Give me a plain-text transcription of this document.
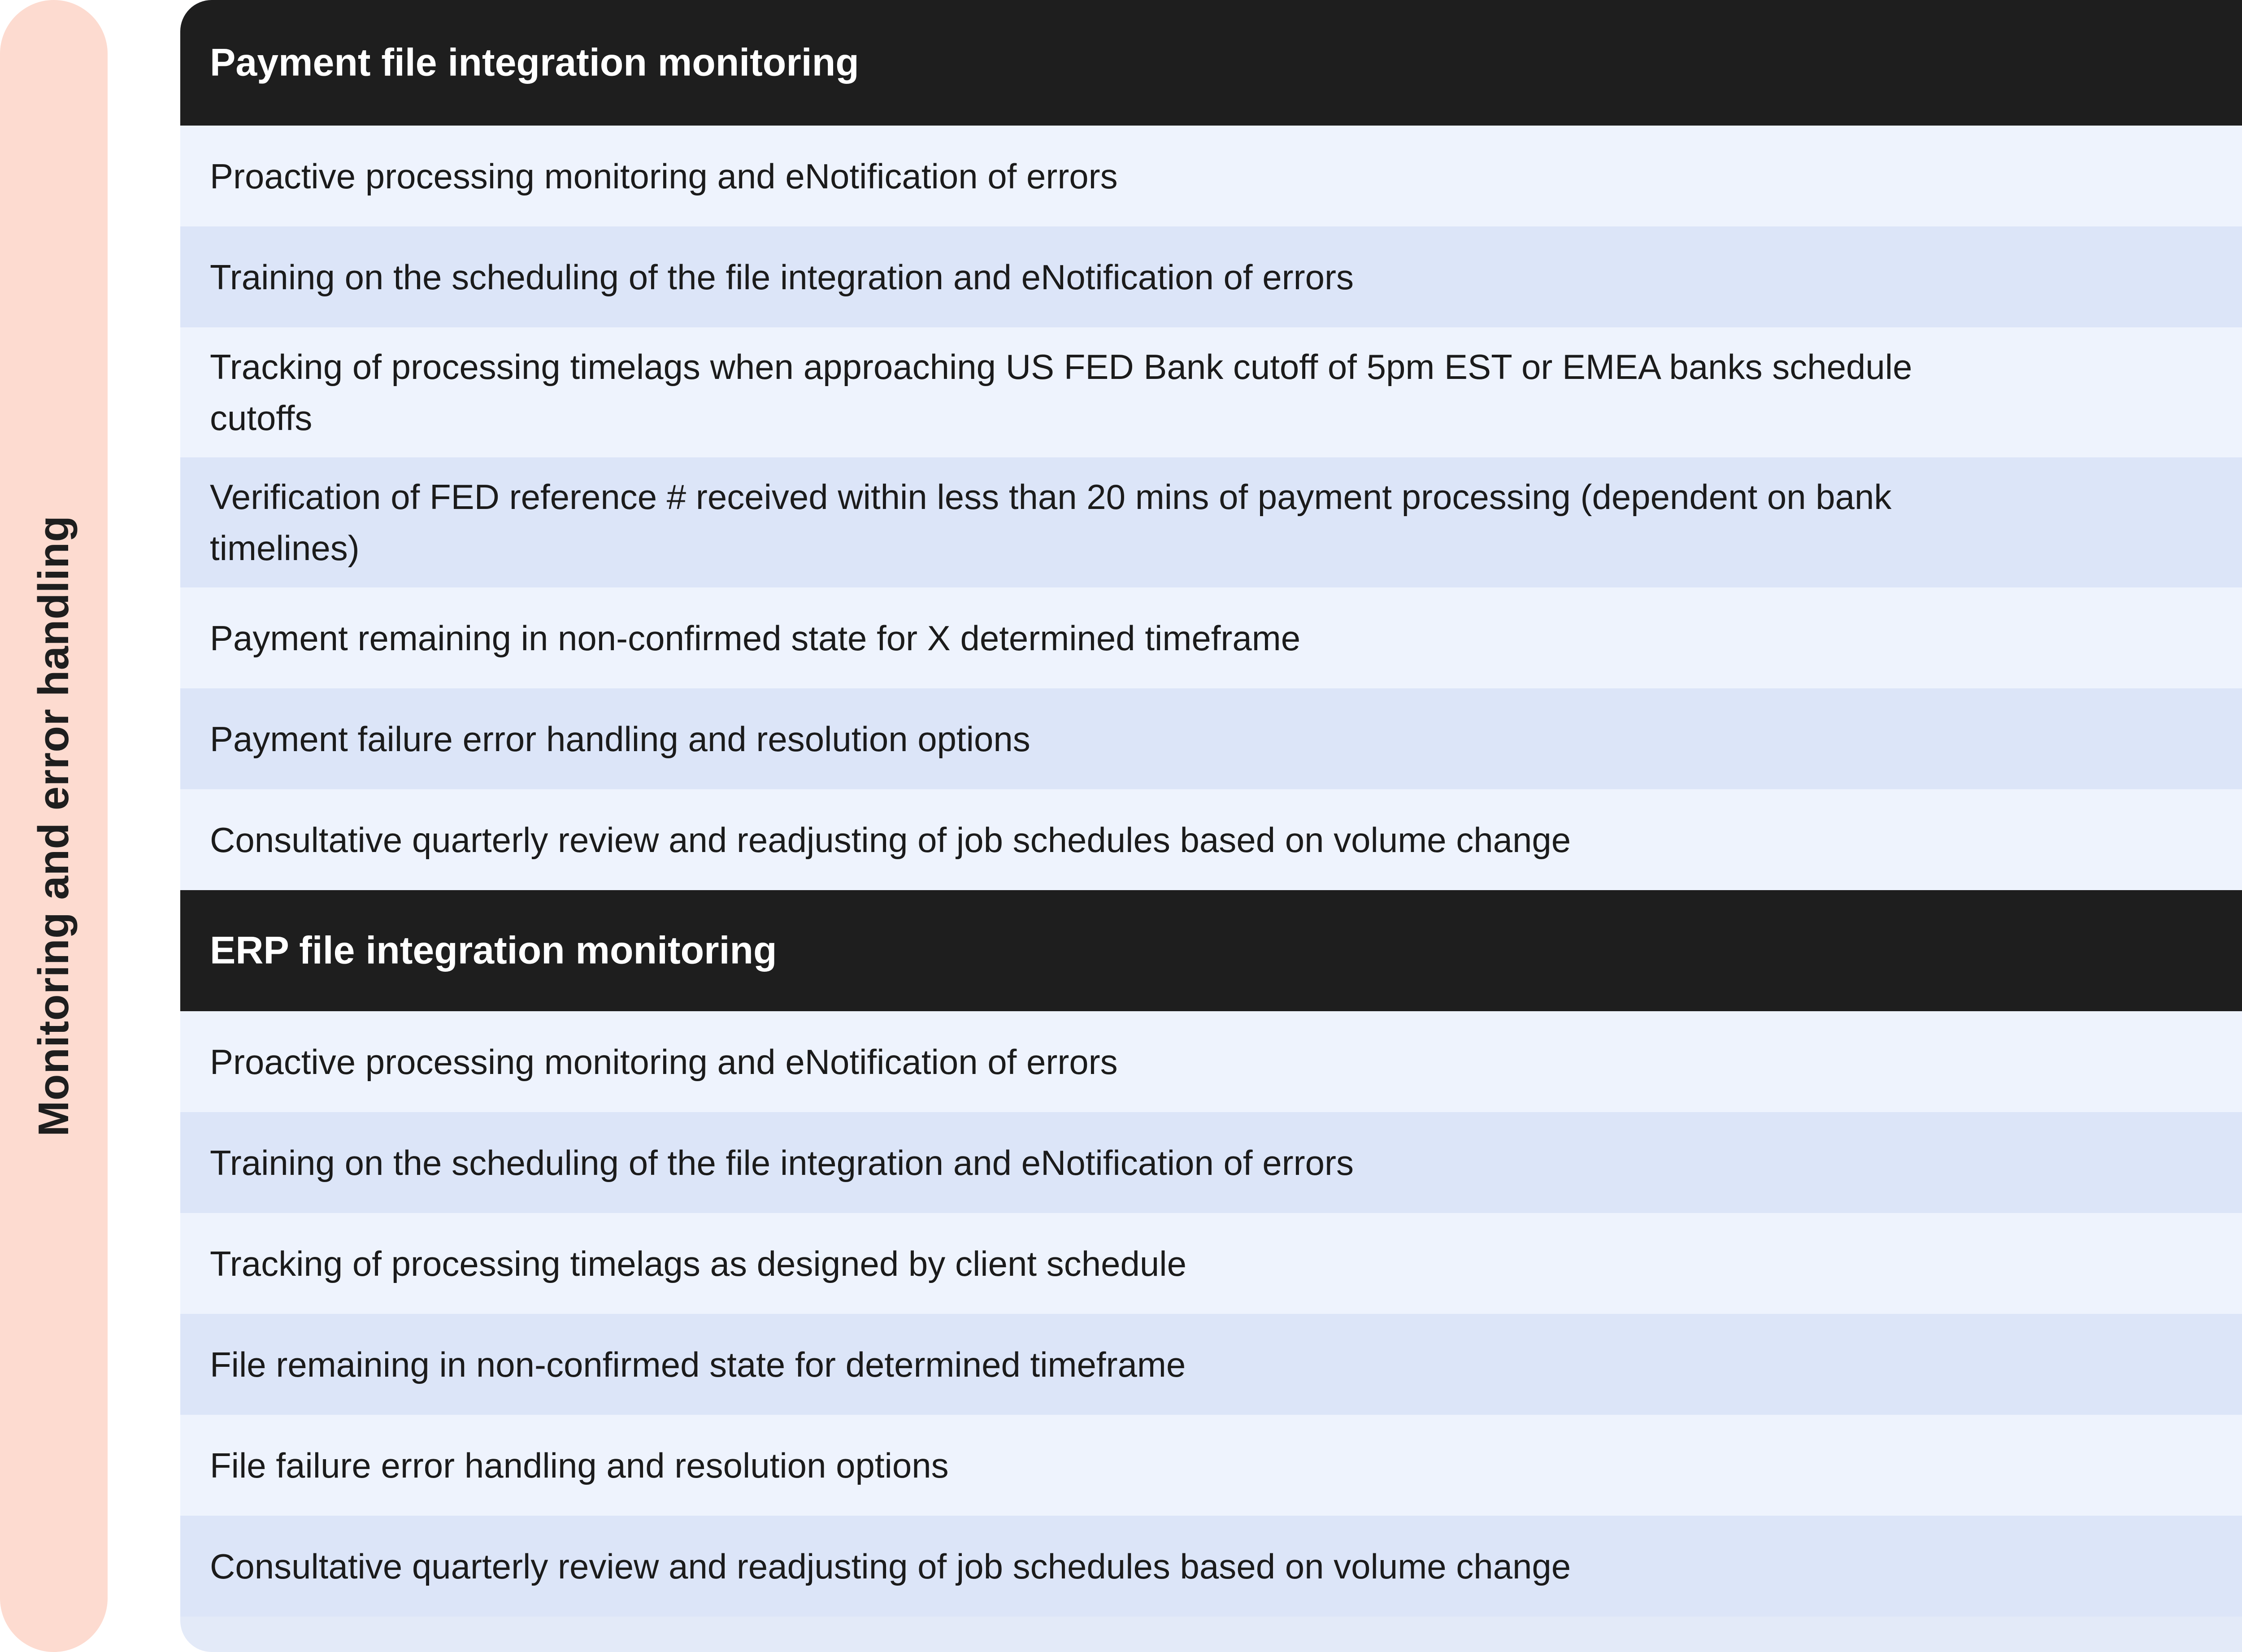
Monitoring and error handling
Payment file integration monitoring
Proactive processing monitoring and eNotification of errors
Training on the scheduling of the file integration and eNotification of errors
Tracking of processing timelags when approaching US FED Bank cutoff of 5pm EST or EMEA banks schedule cutoffs
Verification of FED reference # received within less than 20 mins of payment processing (dependent on bank timelines)
Payment remaining in non-confirmed state for X determined timeframe
Payment failure error handling and resolution options
Consultative quarterly review and readjusting of job schedules based on volume change
ERP file integration monitoring
Proactive processing monitoring and eNotification of errors
Training on the scheduling of the file integration and eNotification of errors
Tracking of processing timelags as designed by client schedule
File remaining in non-confirmed state for determined timeframe
File failure error handling and resolution options
Consultative quarterly review and readjusting of job schedules based on volume change
